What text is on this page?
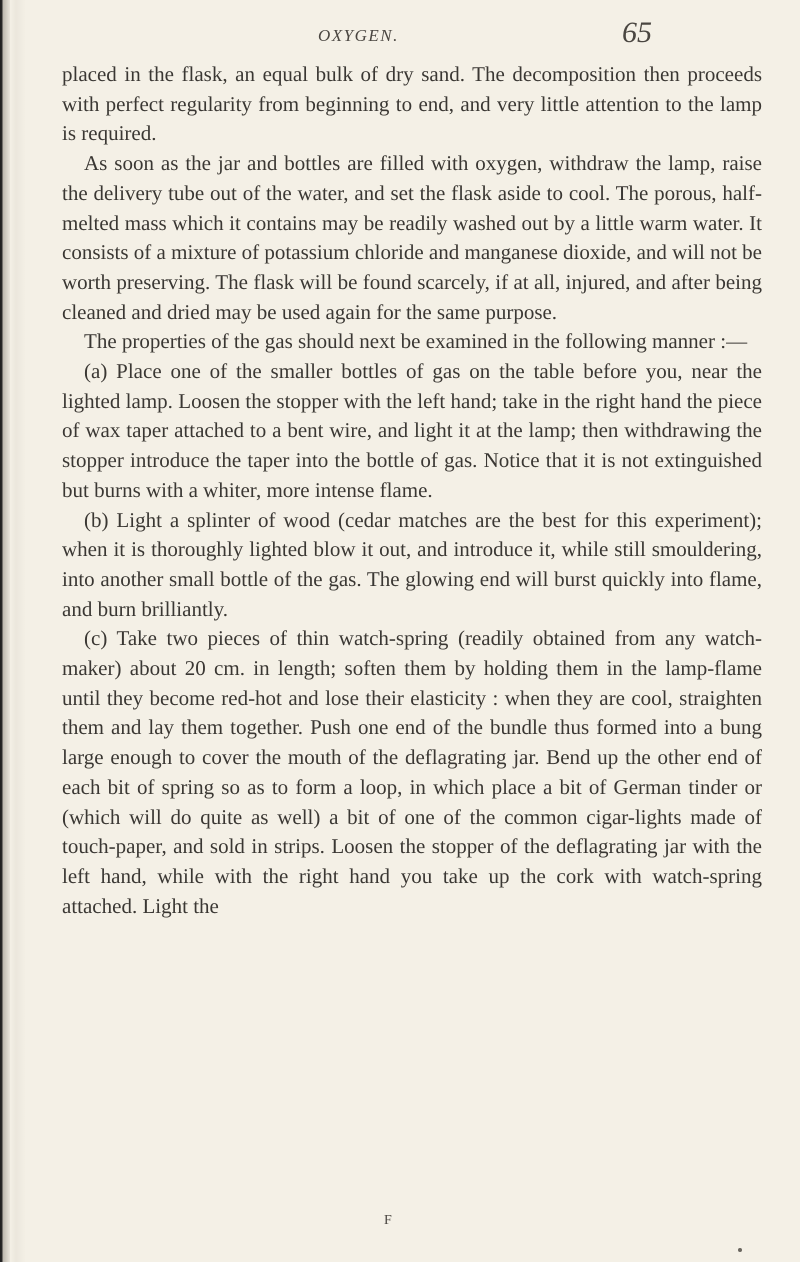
OXYGEN.	65

placed in the flask, an equal bulk of dry sand. The decomposition then proceeds with perfect regularity from beginning to end, and very little attention to the lamp is required.

As soon as the jar and bottles are filled with oxygen, withdraw the lamp, raise the delivery tube out of the water, and set the flask aside to cool. The porous, half-melted mass which it contains may be readily washed out by a little warm water. It consists of a mixture of potassium chloride and manganese dioxide, and will not be worth preserving. The flask will be found scarcely, if at all, injured, and after being cleaned and dried may be used again for the same purpose.

The properties of the gas should next be examined in the following manner :—

(a) Place one of the smaller bottles of gas on the table before you, near the lighted lamp. Loosen the stopper with the left hand; take in the right hand the piece of wax taper attached to a bent wire, and light it at the lamp; then withdrawing the stopper introduce the taper into the bottle of gas. Notice that it is not extinguished but burns with a whiter, more intense flame.

(b) Light a splinter of wood (cedar matches are the best for this experiment); when it is thoroughly lighted blow it out, and introduce it, while still smouldering, into another small bottle of the gas. The glowing end will burst quickly into flame, and burn brilliantly.

(c) Take two pieces of thin watch-spring (readily obtained from any watch-maker) about 20 cm. in length; soften them by holding them in the lamp-flame until they become red-hot and lose their elasticity : when they are cool, straighten them and lay them together. Push one end of the bundle thus formed into a bung large enough to cover the mouth of the deflagrating jar. Bend up the other end of each bit of spring so as to form a loop, in which place a bit of German tinder or (which will do quite as well) a bit of one of the common cigar-lights made of touch-paper, and sold in strips. Loosen the stopper of the deflagrating jar with the left hand, while with the right hand you take up the cork with watch-spring attached. Light the

F
